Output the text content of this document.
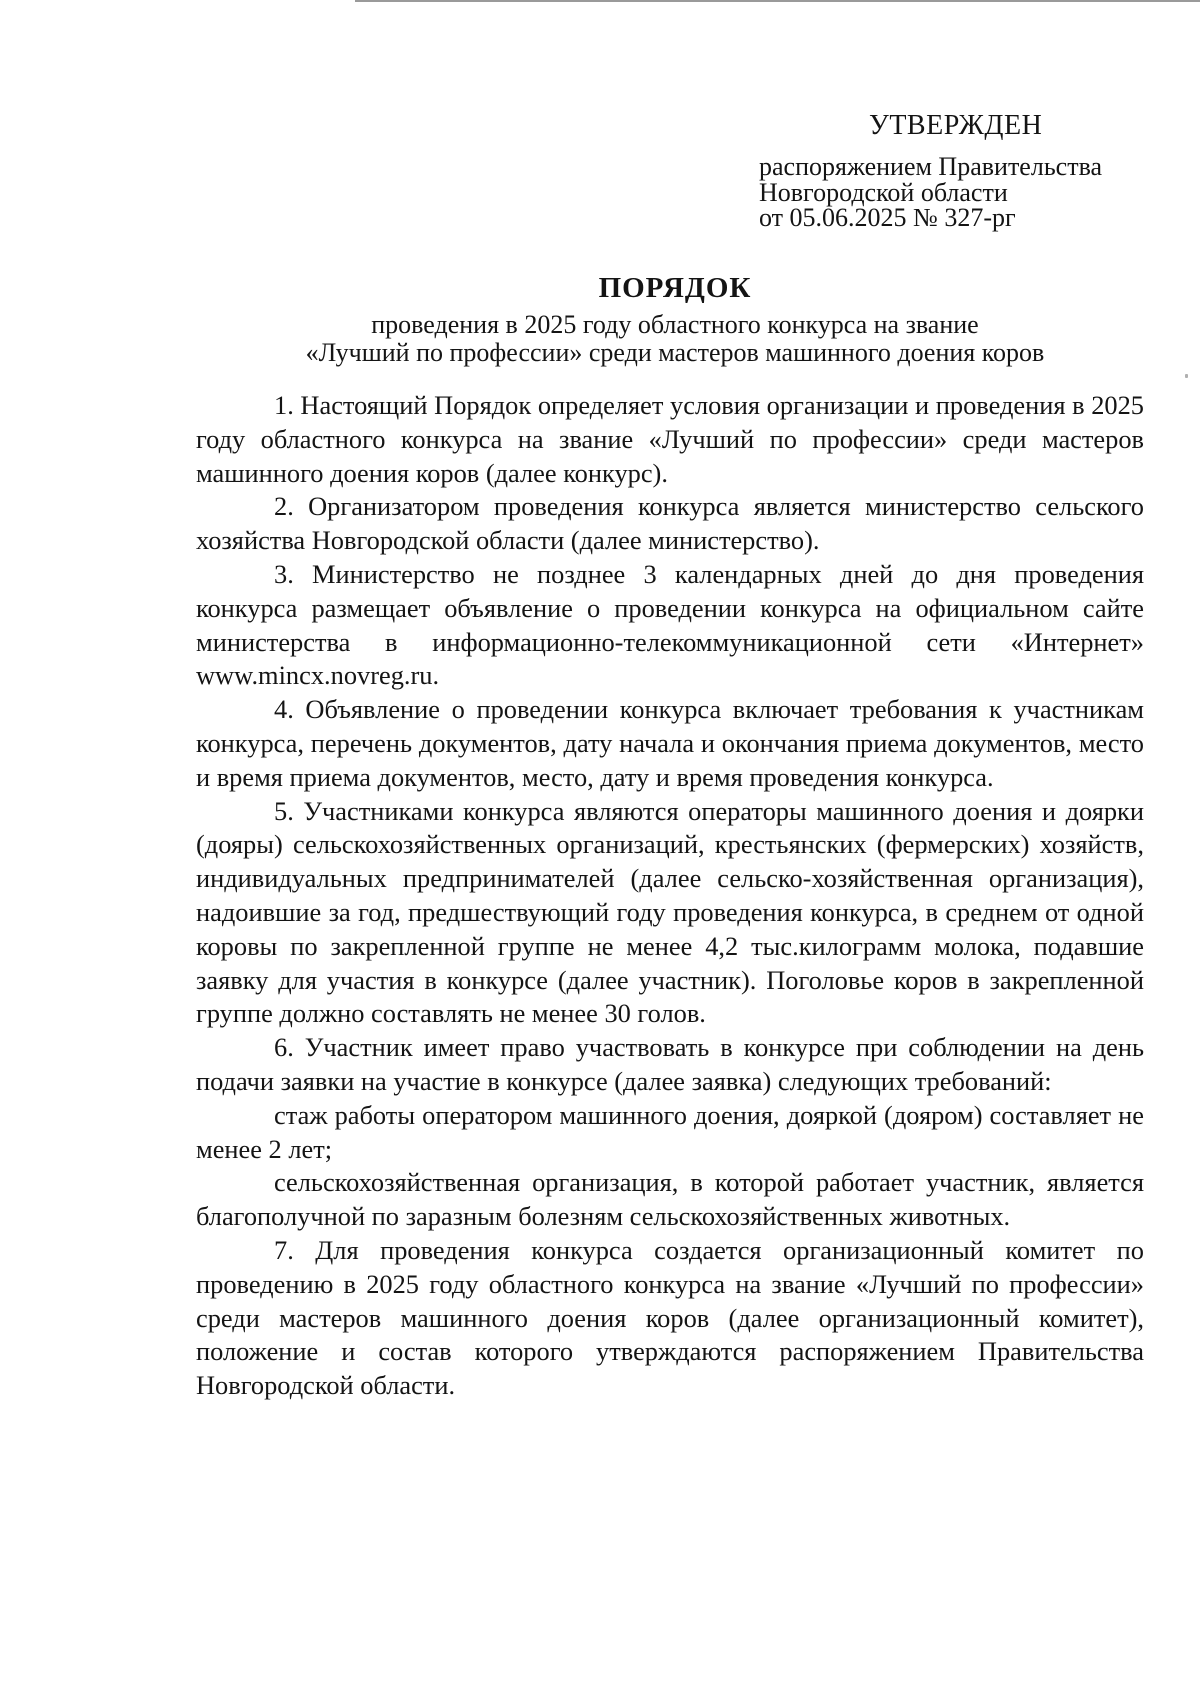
УТВЕРЖДЕН

распоряжением Правительства

Новгородской области

от 05.06.2025 № 327-рг

ПОРЯДОК

проведения в 2025 году областного конкурса на звание

«Лучший по профессии» среди мастеров машинного доения коров

1. Настоящий Порядок определяет условия организации и проведения в 2025 году областного конкурса на звание «Лучший по профессии» среди мастеров машинного доения коров (далее конкурс).

2. Организатором проведения конкурса является министерство сельского хозяйства Новгородской области (далее министерство).

3. Министерство не позднее 3 календарных дней до дня проведения конкурса размещает объявление о проведении конкурса на официальном сайте министерства в информационно-телекоммуникационной сети «Интернет» www.mincx.novreg.ru.

4. Объявление о проведении конкурса включает требования к участникам конкурса, перечень документов, дату начала и окончания приема документов, место и время приема документов, место, дату и время проведения конкурса.

5. Участниками конкурса являются операторы машинного доения и доярки (дояры) сельскохозяйственных организаций, крестьянских (фермерских) хозяйств, индивидуальных предпринимателей (далее сельско-хозяйственная организация), надоившие за год, предшествующий году проведения конкурса, в среднем от одной коровы по закрепленной группе не менее 4,2 тыс.килограмм молока, подавшие заявку для участия в конкурсе (далее участник). Поголовье коров в закрепленной группе должно составлять не менее 30 голов.

6. Участник имеет право участвовать в конкурсе при соблюдении на день подачи заявки на участие в конкурсе (далее заявка) следующих требований:

стаж работы оператором машинного доения, дояркой (дояром) составляет не менее 2 лет;

сельскохозяйственная организация, в которой работает участник, является благополучной по заразным болезням сельскохозяйственных животных.

7. Для проведения конкурса создается организационный комитет по проведению в 2025 году областного конкурса на звание «Лучший по профессии» среди мастеров машинного доения коров (далее организационный комитет), положение и состав которого утверждаются распоряжением Правительства Новгородской области.
